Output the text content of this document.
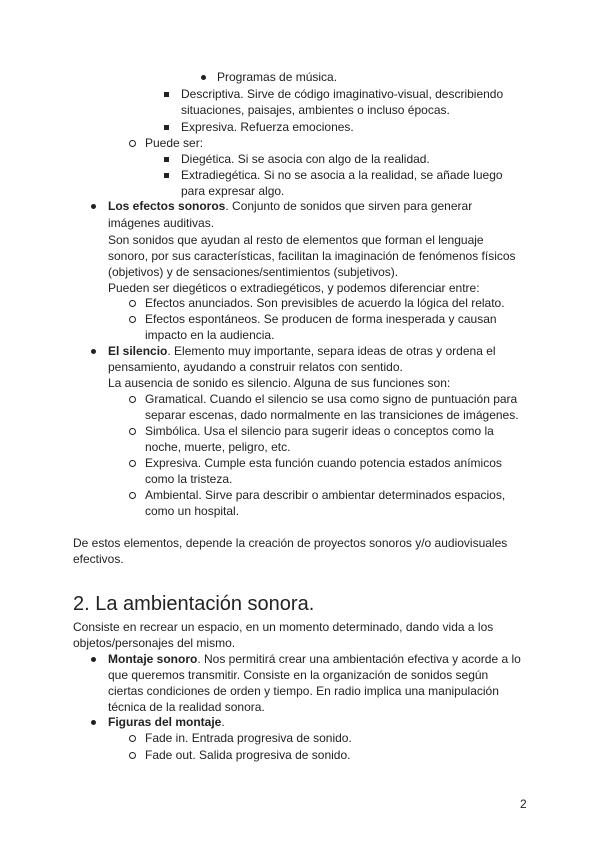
Programas de música.
Descriptiva. Sirve de código imaginativo-visual, describiendo
situaciones, paisajes, ambientes o incluso épocas.
Expresiva. Refuerza emociones.
Puede ser:
Diegética. Si se asocia con algo de la realidad.
Extradiegética. Si no se asocia a la realidad, se añade luego
para expresar algo.
Los efectos sonoros. Conjunto de sonidos que sirven para generar
imágenes auditivas.
Son sonidos que ayudan al resto de elementos que forman el lenguaje
sonoro, por sus características, facilitan la imaginación de fenómenos físicos
(objetivos) y de sensaciones/sentimientos (subjetivos).
Pueden ser diegéticos o extradiegéticos, y podemos diferenciar entre:
Efectos anunciados. Son previsibles de acuerdo la lógica del relato.
Efectos espontáneos. Se producen de forma inesperada y causan
impacto en la audiencia.
El silencio. Elemento muy importante, separa ideas de otras y ordena el
pensamiento, ayudando a construir relatos con sentido.
La ausencia de sonido es silencio. Alguna de sus funciones son:
Gramatical. Cuando el silencio se usa como signo de puntuación para
separar escenas, dado normalmente en las transiciones de imágenes.
Simbólica. Usa el silencio para sugerir ideas o conceptos como la
noche, muerte, peligro, etc.
Expresiva. Cumple esta función cuando potencia estados anímicos
como la tristeza.
Ambiental. Sirve para describir o ambientar determinados espacios,
como un hospital.
De estos elementos, depende la creación de proyectos sonoros y/o audiovisuales
efectivos.
2. La ambientación sonora.
Consiste en recrear un espacio, en un momento determinado, dando vida a los
objetos/personajes del mismo.
Montaje sonoro. Nos permitirá crear una ambientación efectiva y acorde a lo
que queremos transmitir. Consiste en la organización de sonidos según
ciertas condiciones de orden y tiempo. En radio implica una manipulación
técnica de la realidad sonora.
Figuras del montaje.
Fade in. Entrada progresiva de sonido.
Fade out. Salida progresiva de sonido.
2
